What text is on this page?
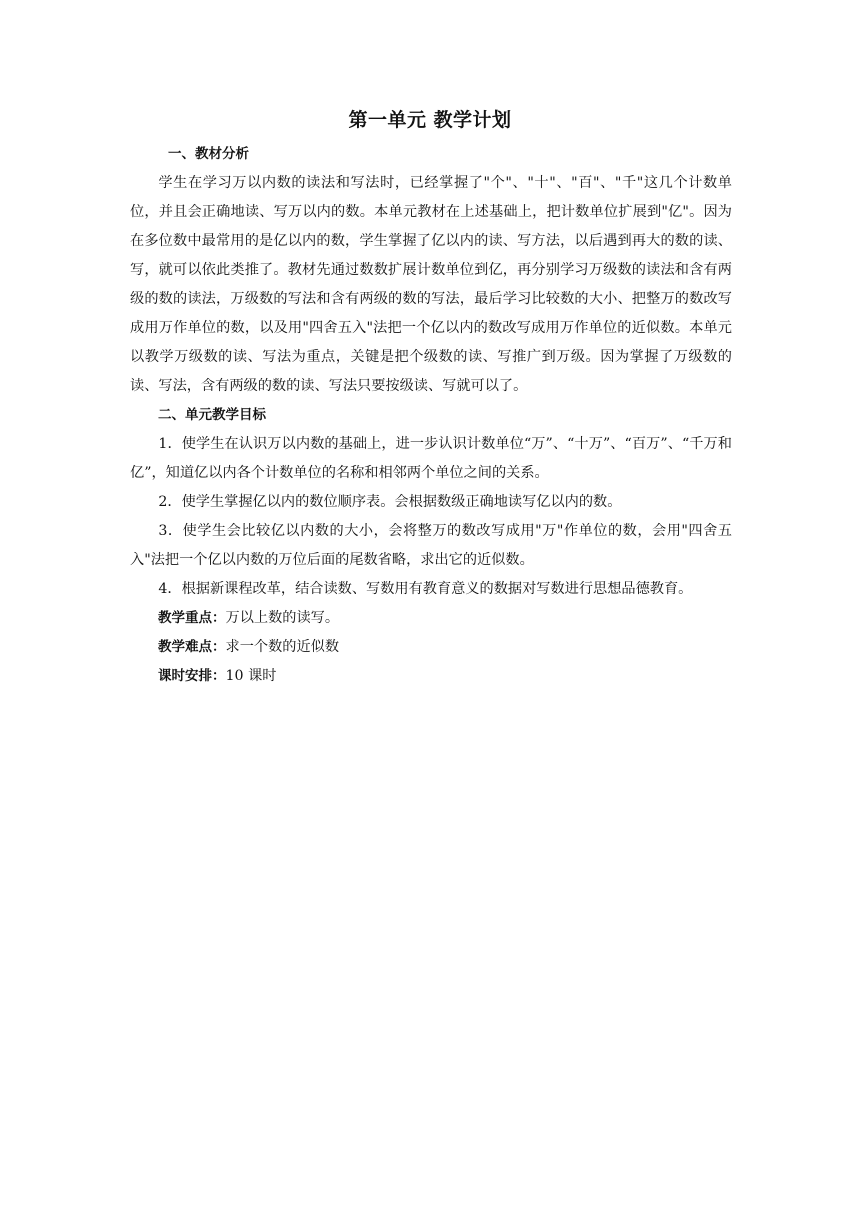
第一单元 教学计划

一、教材分析

学生在学习万以内数的读法和写法时，已经掌握了"个"、"十"、"百"、"千"这几个计数单位，并且会正确地读、写万以内的数。本单元教材在上述基础上，把计数单位扩展到"亿"。因为在多位数中最常用的是亿以内的数，学生掌握了亿以内的读、写方法，以后遇到再大的数的读、写，就可以依此类推了。教材先通过数数扩展计数单位到亿，再分别学习万级数的读法和含有两级的数的读法，万级数的写法和含有两级的数的写法，最后学习比较数的大小、把整万的数改写成用万作单位的数，以及用"四舍五入"法把一个亿以内的数改写成用万作单位的近似数。本单元以教学万级数的读、写法为重点，关键是把个级数的读、写推广到万级。因为掌握了万级数的读、写法，含有两级的数的读、写法只要按级读、写就可以了。

二、单元教学目标

1．使学生在认识万以内数的基础上，进一步认识计数单位“万”、“十万”、“百万”、“千万和亿”，知道亿以内各个计数单位的名称和相邻两个单位之间的关系。

2．使学生掌握亿以内的数位顺序表。会根据数级正确地读写亿以内的数。

3．使学生会比较亿以内数的大小，会将整万的数改写成用"万"作单位的数，会用"四舍五入"法把一个亿以内数的万位后面的尾数省略，求出它的近似数。

4．根据新课程改革，结合读数、写数用有教育意义的数据对写数进行思想品德教育。

教学重点：万以上数的读写。

教学难点：求一个数的近似数

课时安排：10 课时
